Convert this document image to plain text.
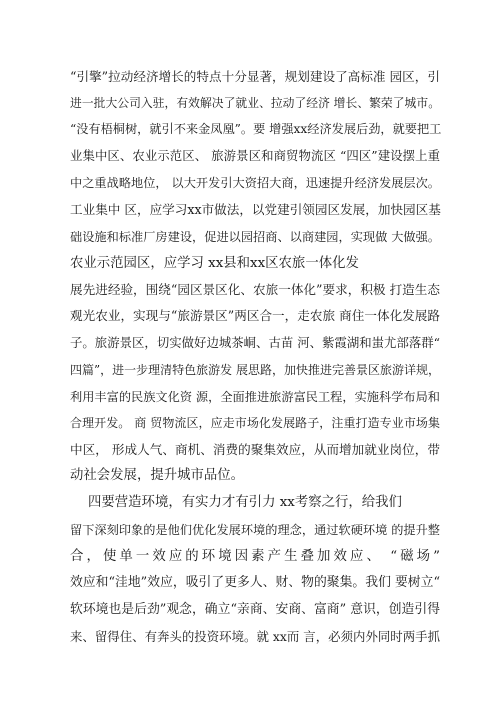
“引擎”拉动经济增长的特点十分显著，规划建设了高标准 园区，引
进一批大公司入驻，有效解决了就业、拉动了经济 增长、繁荣了城市。
“没有梧桐树，就引不来金凤凰”。要 增强xx经济发展后劲，就要把工
业集中区、农业示范区、 旅游景区和商贸物流区 “四区”建设摆上重
中之重战略地位， 以大开发引大资招大商，迅速提升经济发展层次。
工业集中 区，应学习xx市做法，以党建引领园区发展，加快园区基
础设施和标准厂房建设，促进以园招商、以商建园，实现做 大做强。
农业示范园区，应学习 xx县和xx区农旅一体化发
展先进经验，围绕“园区景区化、农旅一体化”要求，积极 打造生态
观光农业，实现与“旅游景区”两区合一，走农旅 商住一体化发展路
子。旅游景区，切实做好边城茶峒、古苗 河、紫霞湖和蚩尤部落群“
四篇”，进一步理清特色旅游发 展思路，加快推进完善景区旅游详规，
利用丰富的民族文化资 源，全面推进旅游富民工程，实施科学布局和
合理开发。 商 贸物流区，应走市场化发展路子，注重打造专业市场集
中区， 形成人气、商机、消费的聚集效应，从而增加就业岗位，带
动社会发展，提升城市品位。
四要营造环境，有实力才有引力 xx考察之行，给我们
留下深刻印象的是他们优化发展环境的理念，通过软硬环境 的提升整
合，使单一效应的环境因素产生叠加效应、 “磁场”
效应和“洼地”效应，吸引了更多人、财、物的聚集。我们 要树立“
软环境也是后劲”观念，确立“亲商、安商、富商” 意识，创造引得
来、留得住、有奔头的投资环境。就 xx而 言，必须内外同时两手抓
